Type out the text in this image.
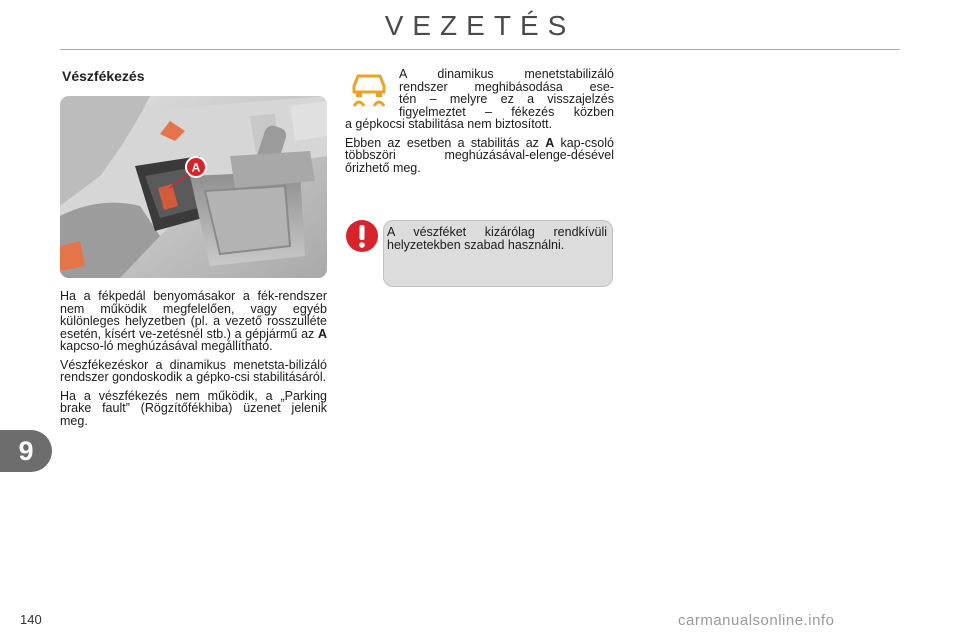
VEZETÉS
Vészfékezés
A

Ha a fékpedál benyomásakor a fék-rendszer nem működik megfelelően, vagy egyéb különleges helyzetben (pl. a vezető rosszulléte esetén, kísért ve-zetésnél stb.) a gépjármű az A kapcso-ló meghúzásával megállítható.

Vészfékezéskor a dinamikus menetsta-bilizáló rendszer gondoskodik a gépko-csi stabilitásáról.

Ha a vészfékezés nem működik, a „Parking brake fault” (Rögzítőfékhiba) üzenet jelenik meg.

A dinamikus menetstabilizáló
rendszer meghibásodása ese-
tén – melyre ez a visszajelzés
figyelmeztet – fékezés közben
a gépkocsi stabilitása nem biztosított.

Ebben az esetben a stabilitás az A kap-csoló többszöri meghúzásával-elenge-désével őrizhető meg.

A vészféket kizárólag rendkívüli helyzetekben szabad használni.
9
140	carmanualsonline.info
